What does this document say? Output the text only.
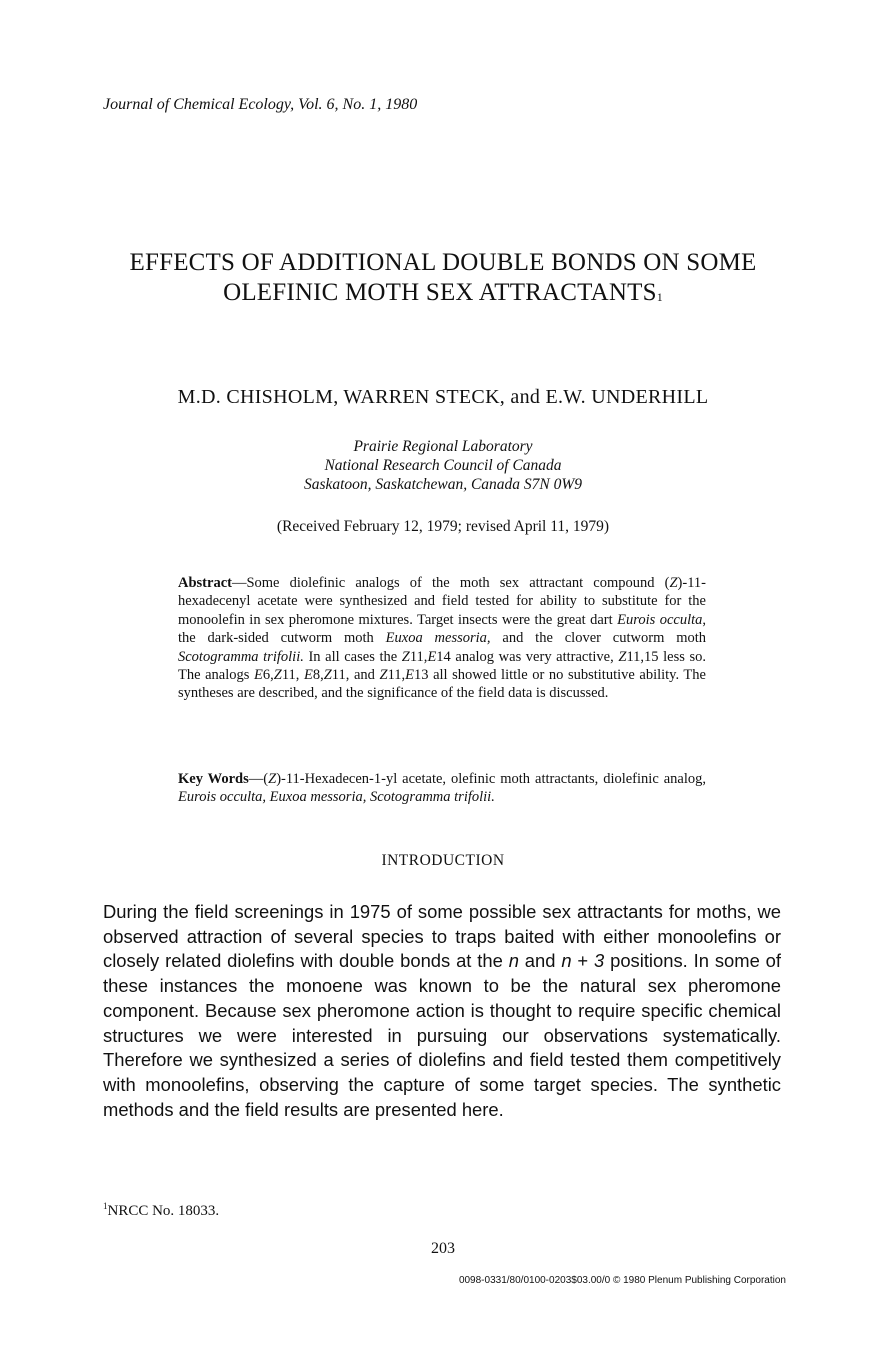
Journal of Chemical Ecology, Vol. 6, No. 1, 1980
EFFECTS OF ADDITIONAL DOUBLE BONDS ON SOME
OLEFINIC MOTH SEX ATTRACTANTS$^1$
M.D. CHISHOLM, WARREN STECK, and E.W. UNDERHILL
Prairie Regional Laboratory
National Research Council of Canada
Saskatoon, Saskatchewan, Canada S7N 0W9
(Received February 12, 1979; revised April 11, 1979)
Abstract—Some diolefinic analogs of the moth sex attractant compound (Z)-11-hexadecenyl acetate were synthesized and field tested for ability to substitute for the monoolefin in sex pheromone mixtures. Target insects were the great dart Eurois occulta, the dark-sided cutworm moth Euxoa messoria, and the clover cutworm moth Scotogramma trifolii. In all cases the Z11,E14 analog was very attractive, Z11,15 less so. The analogs E6,Z11, E8,Z11, and Z11,E13 all showed little or no substitutive ability. The syntheses are described, and the significance of the field data is discussed.
Key Words—(Z)-11-Hexadecen-1-yl acetate, olefinic moth attractants, diolefinic analog, Eurois occulta, Euxoa messoria, Scotogramma trifolii.
INTRODUCTION
During the field screenings in 1975 of some possible sex attractants for moths, we observed attraction of several species to traps baited with either monoolefins or closely related diolefins with double bonds at the n and n + 3 positions. In some of these instances the monoene was known to be the natural sex pheromone component. Because sex pheromone action is thought to require specific chemical structures we were interested in pursuing our observations systematically. Therefore we synthesized a series of diolefins and field tested them competitively with monoolefins, observing the capture of some target species. The synthetic methods and the field results are presented here.
$^1$NRCC No. 18033.
203
0098-0331/80/0100-0203$03.00/0 © 1980 Plenum Publishing Corporation
